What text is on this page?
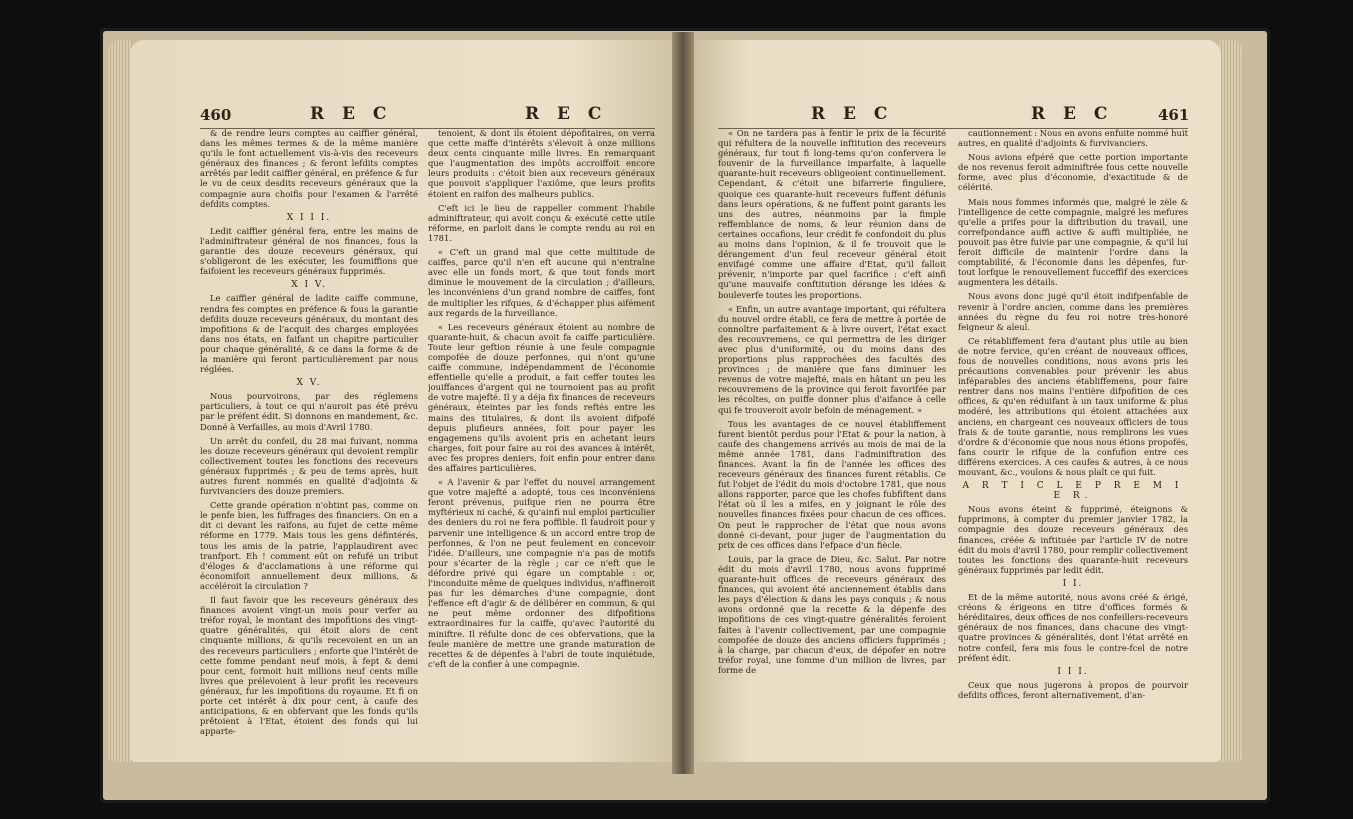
460	R E C	R E C

& de rendre leurs comptes au caiffier général, dans les mêmes termes & de la même manière qu'ils le font actuellement vis-à-vis des receveurs généraux des finances ; & feront lefdits comptes arrêtés par ledit caiffier général, en préfence & fur le vu de ceux desdits receveurs généraux que la compagnie aura choifis pour l'examen & l'arrêté defdits comptes.

X I I I.

Ledit caiffier général fera, entre les mains de l'adminiftrateur général de nos finances, fous la garantie des douze receveurs généraux, qui s'obligeront de les exécuter, les foumiffions que faifoient les receveurs généraux fupprimés.

X I V.

Le caiffier général de ladite caiffe commune, rendra fes comptes en préfence & fous la garantie defdits douze receveurs généraux, du montant des impofitions & de l'acquit des charges employées dans nos états, en faifant un chapitre particulier pour chaque généralité, & ce dans la forme & de la manière qui feront particulièrement par nous réglées.

X V.

Nous pourvoirons, par des réglemens particuliers, à tout ce qui n'auroit pas été prévu par le préfent édit. Si donnons en mandement, &c. Donné à Verfailles, au mois d'Avril 1780.

Un arrêt du confeil, du 28 mai fuivant, nomma les douze receveurs généraux qui devoient remplir collectivement toutes les fonctions des receveurs généraux fupprimés ; & peu de tems après, huit autres furent nommés en qualité d'adjoints & furvivanciers des douze premiers.

Cette grande opération n'obtint pas, comme on le penfe bien, les fuffrages des financiers. On en a dit ci devant les raifons, au fujet de cette même réforme en 1779. Mais tous les gens défintérés, tous les amis de la patrie, l'applaudirent avec tranfport. Eh ! comment eût on refufé un tribut d'éloges & d'acclamations à une réforme qui économifoit annuellement deux millions, & accéléroit la circulation ?

Il faut favoir que les receveurs généraux des finances avoient vingt-un mois pour verfer au tréfor royal, le montant des impofitions des vingt-quatre généralités, qui étoit alors de cent cinquante millions, & qu'ils recevoient en un an des receveurs particuliers ; enforte que l'intérêt de cette fomme pendant neuf mois, à fept & demi pour cent, formoit huit millions neuf cents mille livres que prélevoient à leur profit les receveurs généraux, fur les impofitions du royaume. Et fi on porte cet intérêt à dix pour cent, à caufe des anticipations, & en obfervant que les fonds qu'ils prêtoient à l'Etat, étoient des fonds qui lui apparte-

tenoient, & dont ils étoient dépofitaires, on verra que cette maffe d'intérêts s'élevoit à onze millions deux cents cinquante mille livres. En remarquant que l'augmentation des impôts accroiffoit encore leurs produits : c'étoit bien aux receveurs généraux que pouvoit s'appliquer l'axiôme, que leurs profits étoient en raifon des malheurs publics.

C'eft ici le lieu de rappeller comment l'habile adminiftrateur, qui avoit conçu & exécuté cette utile réforme, en parloit dans le compte rendu au roi en 1781.

« C'eft un grand mal que cette multitude de caiffes, parce qu'il n'en eft aucune qui n'entraîne avec elle un fonds mort, & que tout fonds mort diminue le mouvement de la circulation ; d'ailleurs, les inconvéniens d'un grand nombre de caiffes, font de multiplier les rifques, & d'échapper plus aifément aux regards de la furveillance.

« Les receveurs généraux étoient au nombre de quarante-huit, & chacun avoit fa caiffe particulière. Toute leur geftion réunie à une feule compagnie compofée de douze perfonnes, qui n'ont qu'une caiffe commune, indépendamment de l'économie effentielle qu'elle a produit, a fait ceffer toutes les jouiffances d'argent qui ne tournoient pas au profit de votre majefté. Il y a déja fix finances de receveurs généraux, éteintes par les fonds reftés entre les mains des titulaires, & dont ils avoient difpofé depuis plufieurs années, foit pour payer les engagemens qu'ils avoient pris en achetant leurs charges, foit pour faire au roi des avances à intérêt, avec fes propres deniers, foit enfin pour entrer dans des affaires particulières.

« A l'avenir & par l'effet du nouvel arrangement que votre majefté a adopté, tous ces inconvéniens feront prévenus, puifque rien ne pourra être myftérieux ni caché, & qu'ainfi nul emploi particulier des deniers du roi ne fera poffible. Il faudroit pour y parvenir une intelligence & un accord entre trop de perfonnes, & l'on ne peut feulement en concevoir l'idée. D'ailleurs, une compagnie n'a pas de motifs pour s'écarter de la règle ; car ce n'eft que le défordre privé qui égare un comptable : or, l'inconduite même de quelques individus, n'affineroit pas fur les démarches d'une compagnie, dont l'effence eft d'agir & de délibérer en commun, & qui ne peut même ordonner des difpofitions extraordinaires fur la caiffe, qu'avec l'autorité du miniftre. Il réfulte donc de ces obfervations, que la feule manière de mettre une grande maturation de recettes & de dépenfes à l'abri de toute inquiétude, c'eft de la confier à une compagnie.

R E C	R E C	461

« On ne tardera pas à fentir le prix de la fécurité qui réfultera de la nouvelle inftitution des receveurs généraux, fur tout fi long-tems qu'on confervera le fouvenir de la furveillance imparfaite, à laquelle quarante-huit receveurs obligeoient continuellement. Cependant, & c'étoit une bifarrerie finguliere, quoique ces quarante-huit receveurs fuffent défunis dans leurs opérations, & ne fuffent point garants les uns des autres, néanmoins par la fimple reffemblance de noms, & leur réunion dans de certaines occafions, leur crédit fe confondoit du plus au moins dans l'opinion, & il fe trouvoit que le dérangement d'un feul receveur général étoit envifagé comme une affaire d'Etat, qu'il falloit prévenir, n'importe par quel facrifice : c'eft ainfi qu'une mauvaife conftitution dérange les idées & bouleverfe toutes les proportions.

« Enfin, un autre avantage important, qui réfultera du nouvel ordre établi, ce fera de mettre à portée de connoître parfaitement & à livre ouvert, l'état exact des recouvremens, ce qui permettra de les diriger avec plus d'uniformité, ou du moins dans des proportions plus rapprochées des facultés des provinces ; de manière que fans diminuer les revenus de votre majefté, mais en hâtant un peu les recouvremens de la province qui feroit favorifée par les récoltes, on puiffe donner plus d'aifance à celle qui fe trouveroit avoir befoin de ménagement. »

Tous les avantages de ce nouvel établiffement furent bientôt perdus pour l'Etat & pour la nation, à caufe des changemens arrivés au mois de mai de la même année 1781, dans l'adminiftration des finances. Avant la fin de l'année les offices des receveurs généraux des finances furent rétablis. Ce fut l'objet de l'édit du mois d'octobre 1781, que nous allons rapporter, parce que les chofes fubfiftent dans l'état où il les a mifes, en y joignant le rôle des nouvelles finances fixées pour chacun de ces offices. On peut le rapprocher de l'état que nous avons donné ci-devant, pour juger de l'augmentation du prix de ces offices dans l'efpace d'un fiècle.

Louis, par la grace de Dieu, &c. Salut. Par notre édit du mois d'avril 1780, nous avons fupprimé quarante-huit offices de receveurs généraux des finances, qui avoient été anciennement établis dans les pays d'élection & dans les pays conquis ; & nous avons ordonné que la recette & la dépenfe des impofitions de ces vingt-quatre généralités feroient faites à l'avenir collectivement, par une compagnie compofée de douze des anciens officiers fupprimés ; à la charge, par chacun d'eux, de dépofer en notre tréfor royal, une fomme d'un million de livres, par forme de

cautionnement : Nous en avons enfuite nommé huit autres, en qualité d'adjoints & furvivanciers.

Nous avions efpéré que cette portion importante de nos revenus feroit adminiftrée fous cette nouvelle forme, avec plus d'économie, d'exactitude & de célérité.

Mais nous fommes informés que, malgré le zèle & l'intelligence de cette compagnie, malgré les mefures qu'elle a prifes pour la diftribution du travail, une correfpondance auffi active & auffi multipliée, ne pouvoit pas être fuivie par une compagnie, & qu'il lui feroit difficile de maintenir l'ordre dans la comptabilité, & l'économie dans les dépenfes, fur-tout lorfque le renouvellement fucceffif des exercices augmentera les détails.

Nous avons donc jugé qu'il étoit indifpenfable de revenir à l'ordre ancien, comme dans les premières années du règne du feu roi notre très-honoré feigneur & aïeul.

Ce rétabliffement fera d'autant plus utile au bien de notre fervice, qu'en créant de nouveaux offices, fous de nouvelles conditions, nous avons pris les précautions convenables pour prévenir les abus inféparables des anciens établiffemens, pour faire rentrer dans nos mains l'entière difpofition de ces offices, & qu'en réduifant à un taux uniforme & plus modéré, les attributions qui étoient attachées aux anciens, en chargeant ces nouveaux officiers de tous frais & de toute garantie, nous remplirons les vues d'ordre & d'économie que nous nous étions propofés, fans courir le rifque de la confufion entre ces différens exercices. A ces caufes & autres, à ce nous mouvant, &c., voulons & nous plaît ce qui fuit.

A R T I C L E P R E M I E R.

Nous avons éteint & fupprimé, éteignons & fupprimons, à compter du premier janvier 1782, la compagnie des douze receveurs généraux des finances, créée & inftituée par l'article IV de notre édit du mois d'avril 1780, pour remplir collectivement toutes les fonctions des quarante-huit receveurs généraux fupprimés par ledit édit.

I I.

Et de la même autorité, nous avons créé & érigé, créons & érigeons en titre d'offices formés & héréditaires, deux offices de nos confeillers-receveurs généraux de nos finances, dans chacune des vingt-quatre provinces & généralités, dont l'état arrêté en notre confeil, fera mis fous le contre-fcel de notre préfent édit.

I I I.

Ceux que nous jugerons à propos de pourvoir defdits offices, feront alternativement, d'an-
